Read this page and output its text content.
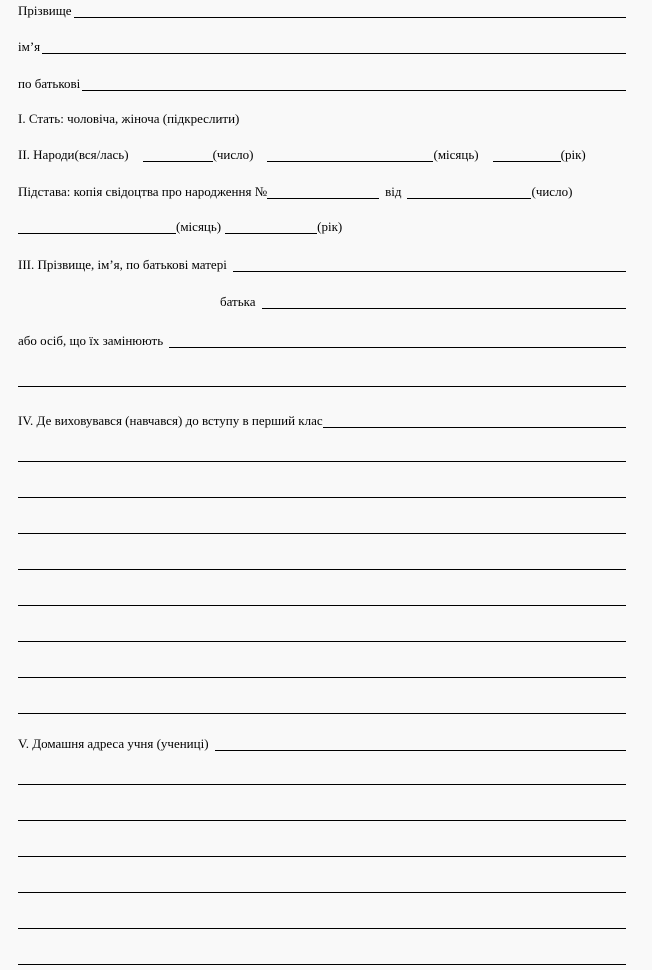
Прізвище
ім’я
по батькові
I. Стать: чоловіча, жіноча (підкреслити)
II. Народи(вся/лась)	(число)	(місяць)	(рік)
Підстава: копія свідоцтва про народження №	від	(число)
(місяць)	(рік)
III. Прізвище, ім’я, по батькові матері
батька
або осіб, що їх замінюють
IV. Де виховувався (навчався) до вступу в перший клас
V. Домашня адреса учня (учениці)
